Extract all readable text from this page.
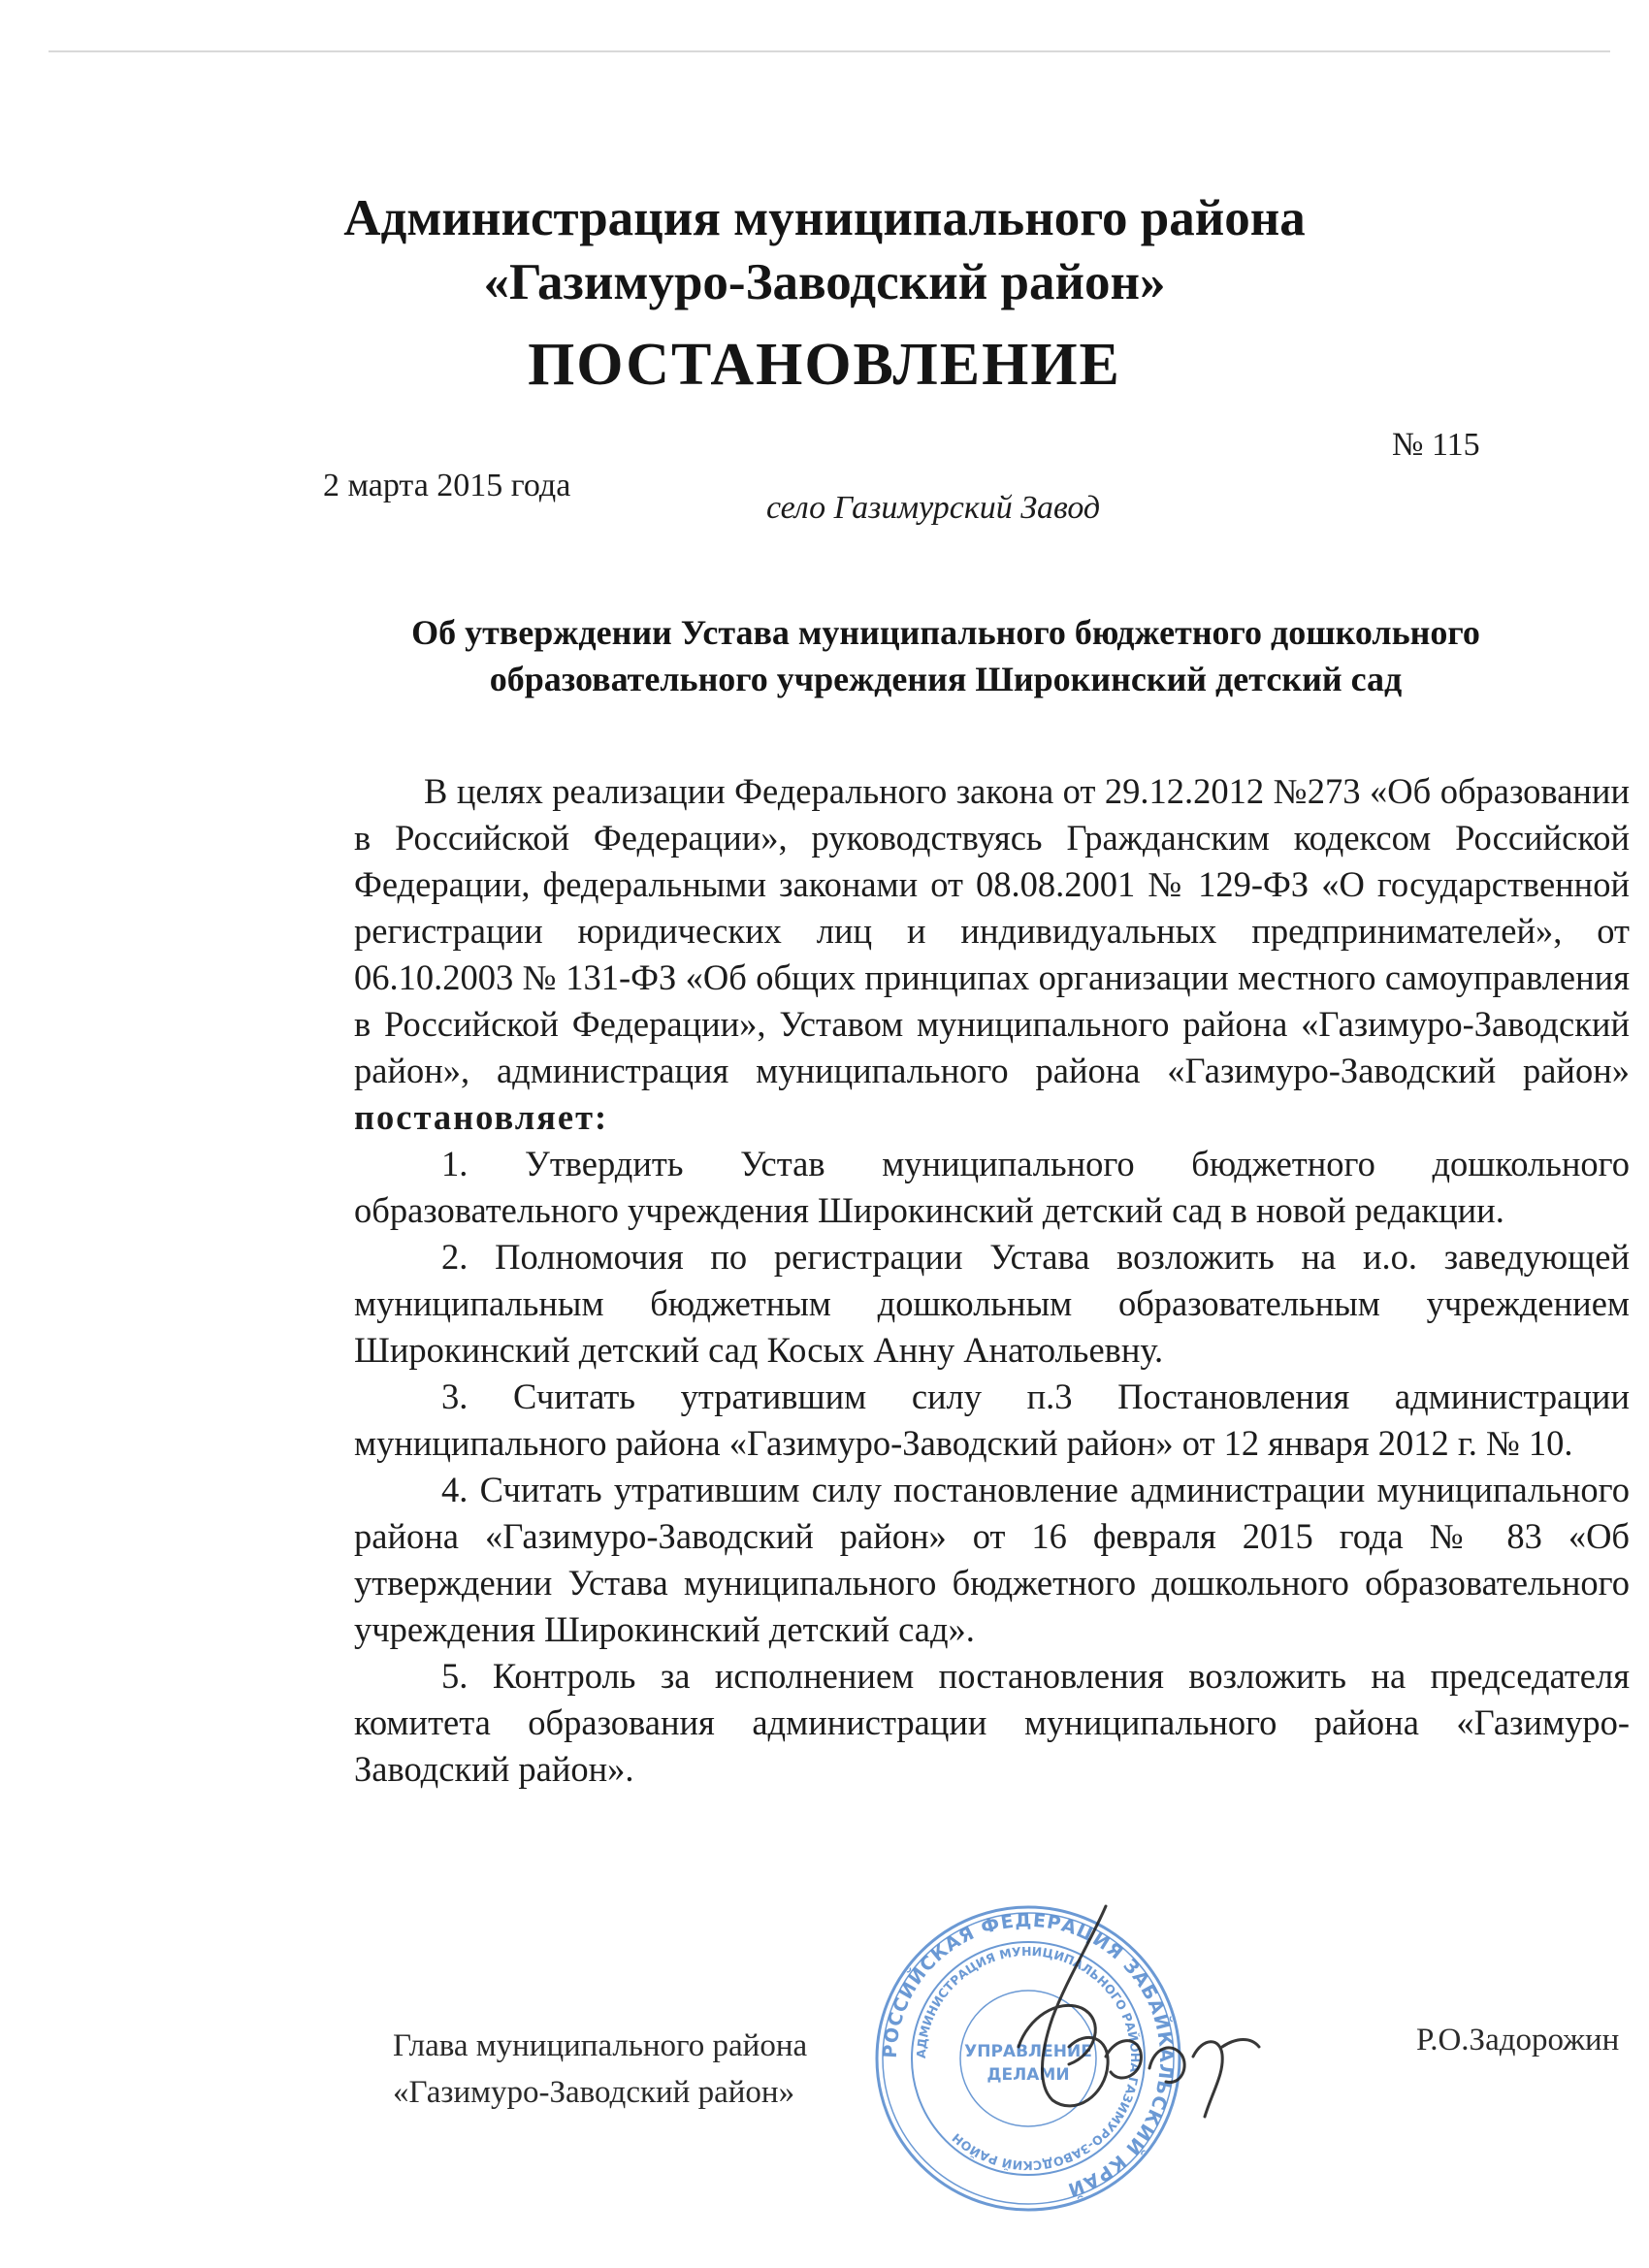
Администрация муниципального района
«Газимуро-Заводский район»
ПОСТАНОВЛЕНИЕ
№ 115
2 марта 2015 года
село Газимурский Завод
Об утверждении Устава муниципального бюджетного дошкольного
образовательного учреждения Широкинский детский сад

В целях реализации Федерального закона от 29.12.2012 №273 «Об образовании в Российской Федерации», руководствуясь Гражданским кодексом Российской Федерации, федеральными законами от 08.08.2001 № 129-ФЗ «О государственной регистрации юридических лиц и индивидуальных предпринимателей», от 06.10.2003 № 131-ФЗ «Об общих принципах организации местного самоуправления в Российской Федерации», Уставом муниципального района «Газимуро-Заводский район», администрация муниципального района «Газимуро-Заводский район» постановляет:

1. Утвердить Устав муниципального бюджетного дошкольного образовательного учреждения Широкинский детский сад в новой редакции.

2. Полномочия по регистрации Устава возложить на и.о. заведующей муниципальным бюджетным дошкольным образовательным учреждением Широкинский детский сад Косых Анну Анатольевну.

3. Считать утратившим силу п.3 Постановления администрации муниципального района «Газимуро-Заводский район» от 12 января 2012 г. № 10.

4. Считать утратившим силу постановление администрации муниципального района «Газимуро-Заводский район» от 16 февраля 2015 года № 83 «Об утверждении Устава муниципального бюджетного дошкольного образовательного учреждения Широкинский детский сад».

5. Контроль за исполнением постановления возложить на председателя комитета образования администрации муниципального района «Газимуро-Заводский район».

Глава муниципального района
«Газимуро-Заводский район»
Р.О.Задорожин
РОССИЙСКАЯ ФЕДЕРАЦИЯ ЗАБАЙКАЛЬСКИЙ КРАЙ
АДМИНИСТРАЦИЯ МУНИЦИПАЛЬНОГО РАЙОНА ГАЗИМУРО-ЗАВОДСКИЙ РАЙОН
УПРАВЛЕНИЕ
ДЕЛАМИ
